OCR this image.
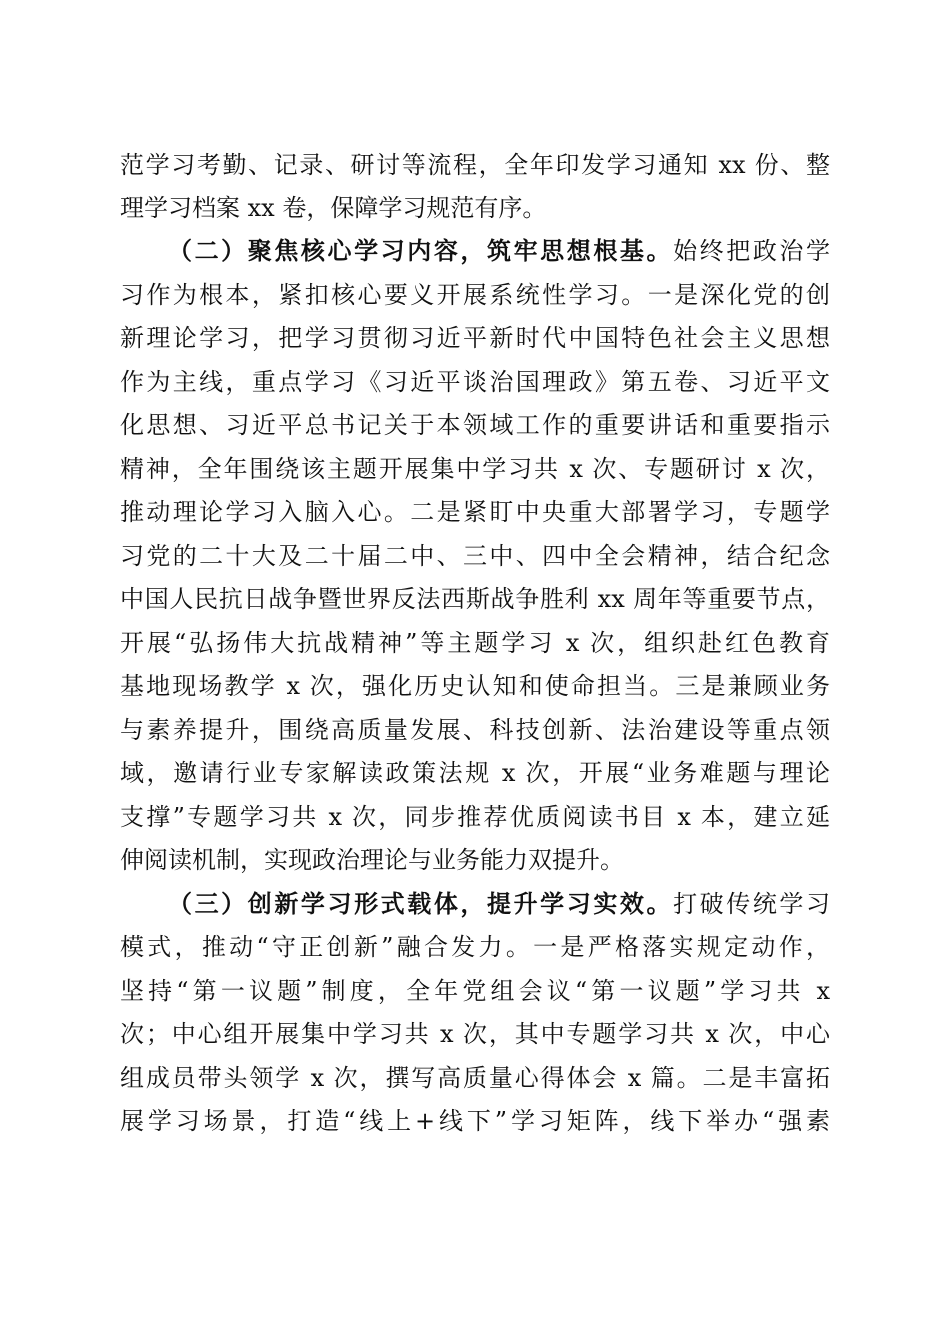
范学习考勤、记录、研讨等流程，全年印发学习通知 xx 份、整
理学习档案 xx 卷，保障学习规范有序。
（二）聚焦核心学习内容，筑牢思想根基。始终把政治学
习作为根本，紧扣核心要义开展系统性学习。一是深化党的创
新理论学习，把学习贯彻习近平新时代中国特色社会主义思想
作为主线，重点学习《习近平谈治国理政》第五卷、习近平文
化思想、习近平总书记关于本领域工作的重要讲话和重要指示
精神，全年围绕该主题开展集中学习共 x 次、专题研讨 x 次，
推动理论学习入脑入心。二是紧盯中央重大部署学习，专题学
习党的二十大及二十届二中、三中、四中全会精神，结合纪念
中国人民抗日战争暨世界反法西斯战争胜利 xx 周年等重要节点，
开展“弘扬伟大抗战精神”等主题学习 x 次，组织赴红色教育
基地现场教学 x 次，强化历史认知和使命担当。三是兼顾业务
与素养提升，围绕高质量发展、科技创新、法治建设等重点领
域，邀请行业专家解读政策法规 x 次，开展“业务难题与理论
支撑”专题学习共 x 次，同步推荐优质阅读书目 x 本，建立延
伸阅读机制，实现政治理论与业务能力双提升。
（三）创新学习形式载体，提升学习实效。打破传统学习
模式，推动“守正创新”融合发力。一是严格落实规定动作，
坚持“第一议题”制度，全年党组会议“第一议题”学习共 x
次；中心组开展集中学习共 x 次，其中专题学习共 x 次，中心
组成员带头领学 x 次，撰写高质量心得体会 x 篇。二是丰富拓
展学习场景，打造“线上+线下”学习矩阵，线下举办“强素
